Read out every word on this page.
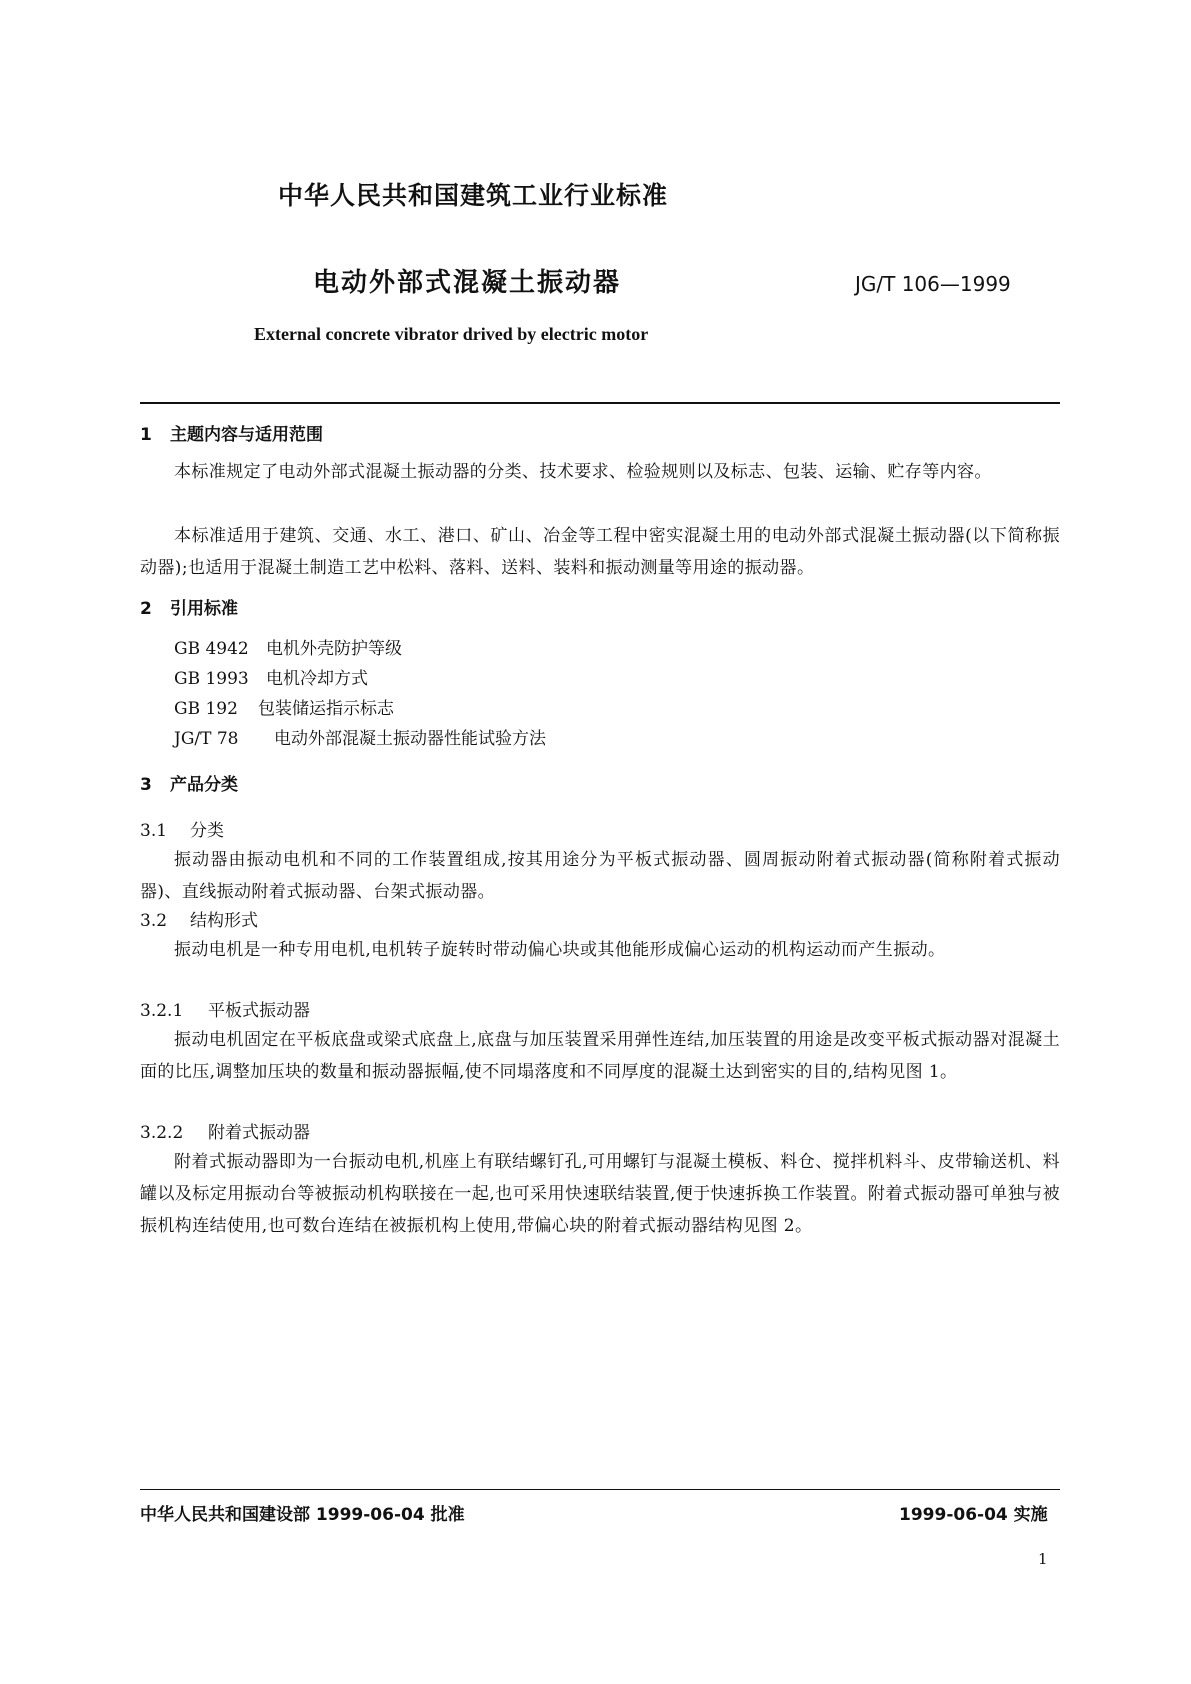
中华人民共和国建筑工业行业标准
电动外部式混凝土振动器	JG/T 106—1999
External concrete vibrator drived by electric motor
1 主题内容与适用范围
本标准规定了电动外部式混凝土振动器的分类、技术要求、检验规则以及标志、包装、运输、贮存等内容。
本标准适用于建筑、交通、水工、港口、矿山、冶金等工程中密实混凝土用的电动外部式混凝土振动器(以下简称振动器);也适用于混凝土制造工艺中松料、落料、送料、装料和振动测量等用途的振动器。
2 引用标准
GB 4942 电机外壳防护等级
GB 1993 电机冷却方式
GB 192 包装储运指示标志
JG/T 78 电动外部混凝土振动器性能试验方法
3 产品分类
3.1 分类
振动器由振动电机和不同的工作装置组成,按其用途分为平板式振动器、圆周振动附着式振动器(简称附着式振动器)、直线振动附着式振动器、台架式振动器。
3.2 结构形式
振动电机是一种专用电机,电机转子旋转时带动偏心块或其他能形成偏心运动的机构运动而产生振动。
3.2.1 平板式振动器
振动电机固定在平板底盘或梁式底盘上,底盘与加压装置采用弹性连结,加压装置的用途是改变平板式振动器对混凝土面的比压,调整加压块的数量和振动器振幅,使不同塌落度和不同厚度的混凝土达到密实的目的,结构见图 1。
3.2.2 附着式振动器
附着式振动器即为一台振动电机,机座上有联结螺钉孔,可用螺钉与混凝土模板、料仓、搅拌机料斗、皮带输送机、料罐以及标定用振动台等被振动机构联接在一起,也可采用快速联结装置,便于快速拆换工作装置。附着式振动器可单独与被振机构连结使用,也可数台连结在被振机构上使用,带偏心块的附着式振动器结构见图 2。
中华人民共和国建设部 1999-06-04 批准	1999-06-04 实施
1
